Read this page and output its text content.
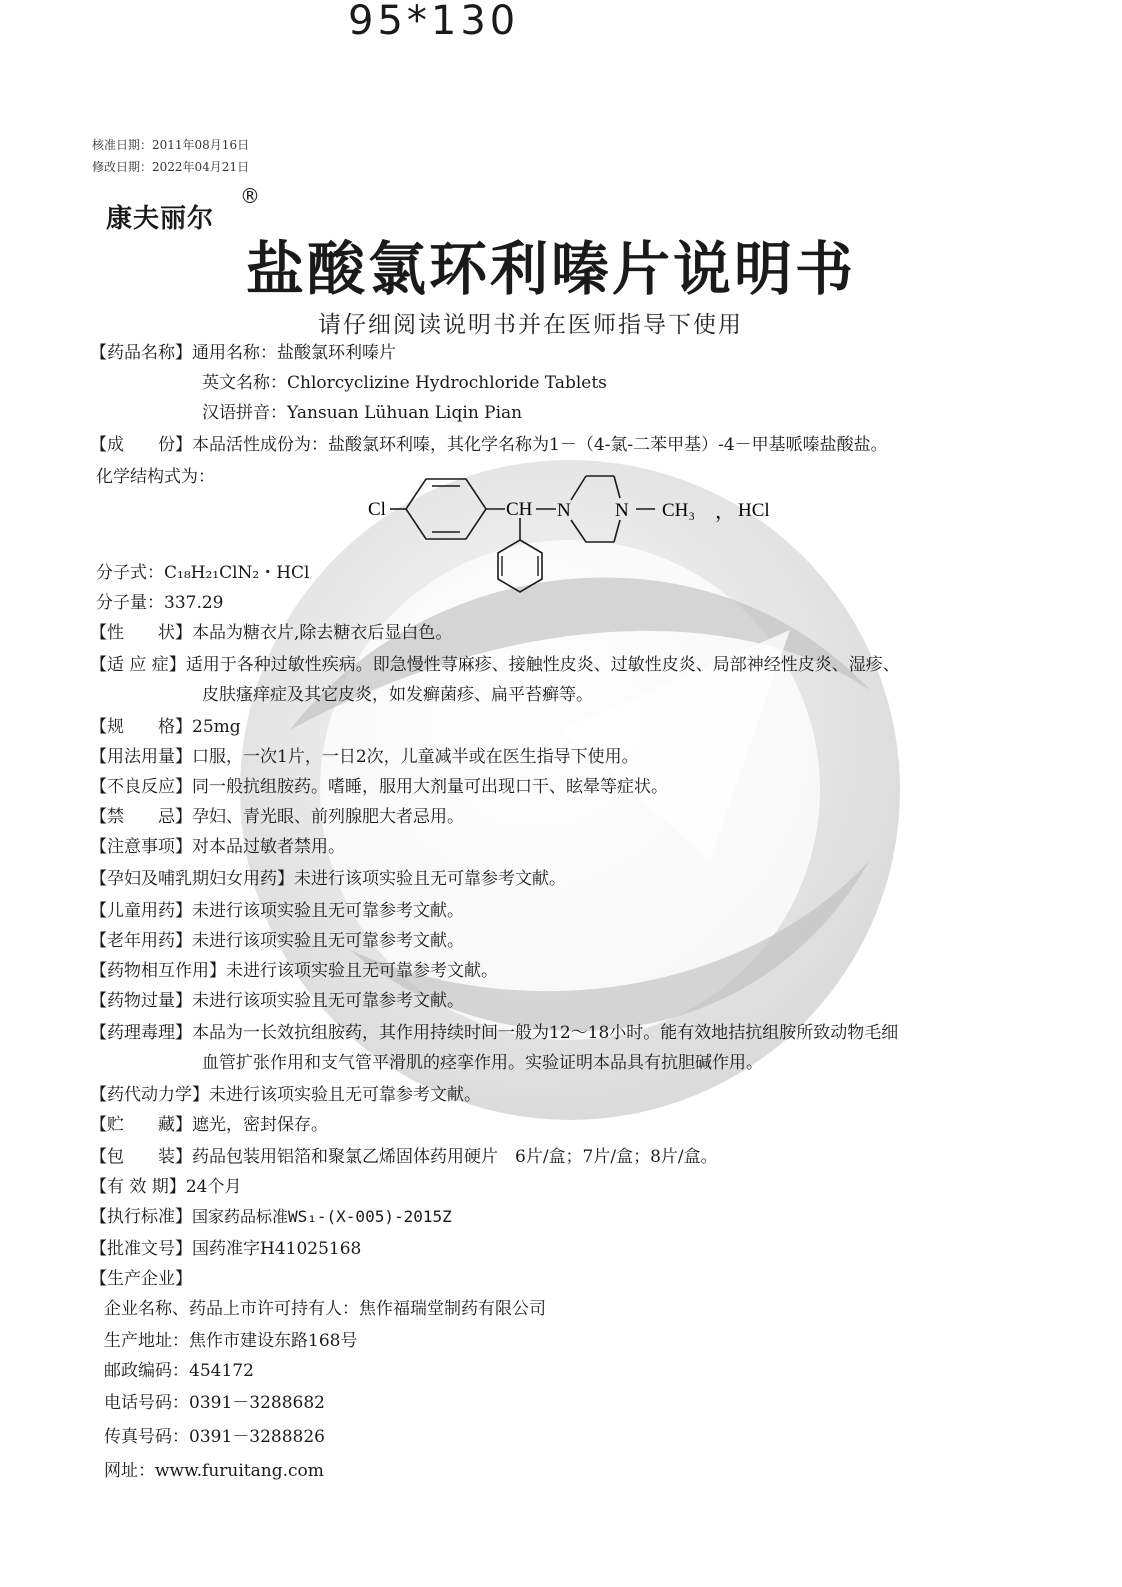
95*130
核准日期：2011年08月16日
修改日期：2022年04月21日
康夫丽尔
®
盐酸氯环利嗪片说明书
请仔细阅读说明书并在医师指导下使用
【药品名称】通用名称：盐酸氯环利嗪片
英文名称：Chlorcyclizine Hydrochloride Tablets
汉语拼音：Yansuan Lühuan Liqin Pian
【成　　份】本品活性成份为：盐酸氯环利嗪，其化学名称为1－（4-氯-二苯甲基）-4－甲基哌嗪盐酸盐。
化学结构式为：
Cl	CH N N CH₃ ， HCl
分子式：C₁₈H₂₁ClN₂・HCl
分子量：337.29
【性　　状】本品为糖衣片,除去糖衣后显白色。
【适 应 症】适用于各种过敏性疾病。即急慢性荨麻疹、接触性皮炎、过敏性皮炎、局部神经性皮炎、湿疹、
皮肤瘙痒症及其它皮炎，如发癣菌疹、扁平苔癣等。
【规　　格】25mg
【用法用量】口服，一次1片，一日2次，儿童减半或在医生指导下使用。
【不良反应】同一般抗组胺药。嗜睡，服用大剂量可出现口干、眩晕等症状。
【禁　　忌】孕妇、青光眼、前列腺肥大者忌用。
【注意事项】对本品过敏者禁用。
【孕妇及哺乳期妇女用药】未进行该项实验且无可靠参考文献。
【儿童用药】未进行该项实验且无可靠参考文献。
【老年用药】未进行该项实验且无可靠参考文献。
【药物相互作用】未进行该项实验且无可靠参考文献。
【药物过量】未进行该项实验且无可靠参考文献。
【药理毒理】本品为一长效抗组胺药，其作用持续时间一般为12～18小时。能有效地拮抗组胺所致动物毛细
血管扩张作用和支气管平滑肌的痉挛作用。实验证明本品具有抗胆碱作用。
【药代动力学】未进行该项实验且无可靠参考文献。
【贮　　藏】遮光，密封保存。
【包　　装】药品包装用铝箔和聚氯乙烯固体药用硬片　6片/盒；7片/盒；8片/盒。
【有 效 期】24个月
【执行标准】国家药品标准WS₁-(X-005)-2015Z
【批准文号】国药准字H41025168
【生产企业】
企业名称、药品上市许可持有人：焦作福瑞堂制药有限公司
生产地址：焦作市建设东路168号
邮政编码：454172
电话号码：0391－3288682
传真号码：0391－3288826
网址：www.furuitang.com
